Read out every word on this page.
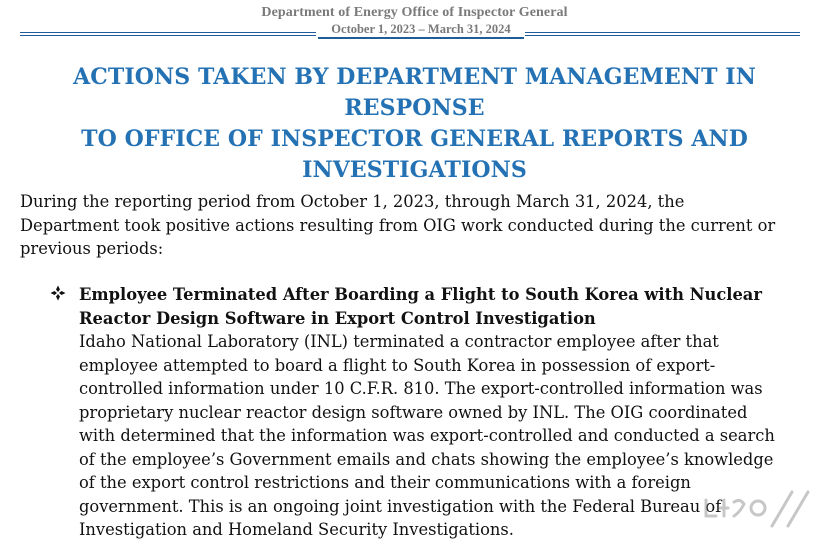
Department of Energy Office of Inspector General
October 1, 2023 – March 31, 2024
ACTIONS TAKEN BY DEPARTMENT MANAGEMENT IN RESPONSE
TO OFFICE OF INSPECTOR GENERAL REPORTS AND
INVESTIGATIONS
During the reporting period from October 1, 2023, through March 31, 2024, the
Department took positive actions resulting from OIG work conducted during the current or
previous periods:
Employee Terminated After Boarding a Flight to South Korea with Nuclear
Reactor Design Software in Export Control Investigation
Idaho National Laboratory (INL) terminated a contractor employee after that
employee attempted to board a flight to South Korea in possession of export-
controlled information under 10 C.F.R. 810. The export-controlled information was
proprietary nuclear reactor design software owned by INL. The OIG coordinated
with determined that the information was export-controlled and conducted a search
of the employee’s Government emails and chats showing the employee’s knowledge
of the export control restrictions and their communications with a foreign
government. This is an ongoing joint investigation with the Federal Bureau of
Investigation and Homeland Security Investigations.
